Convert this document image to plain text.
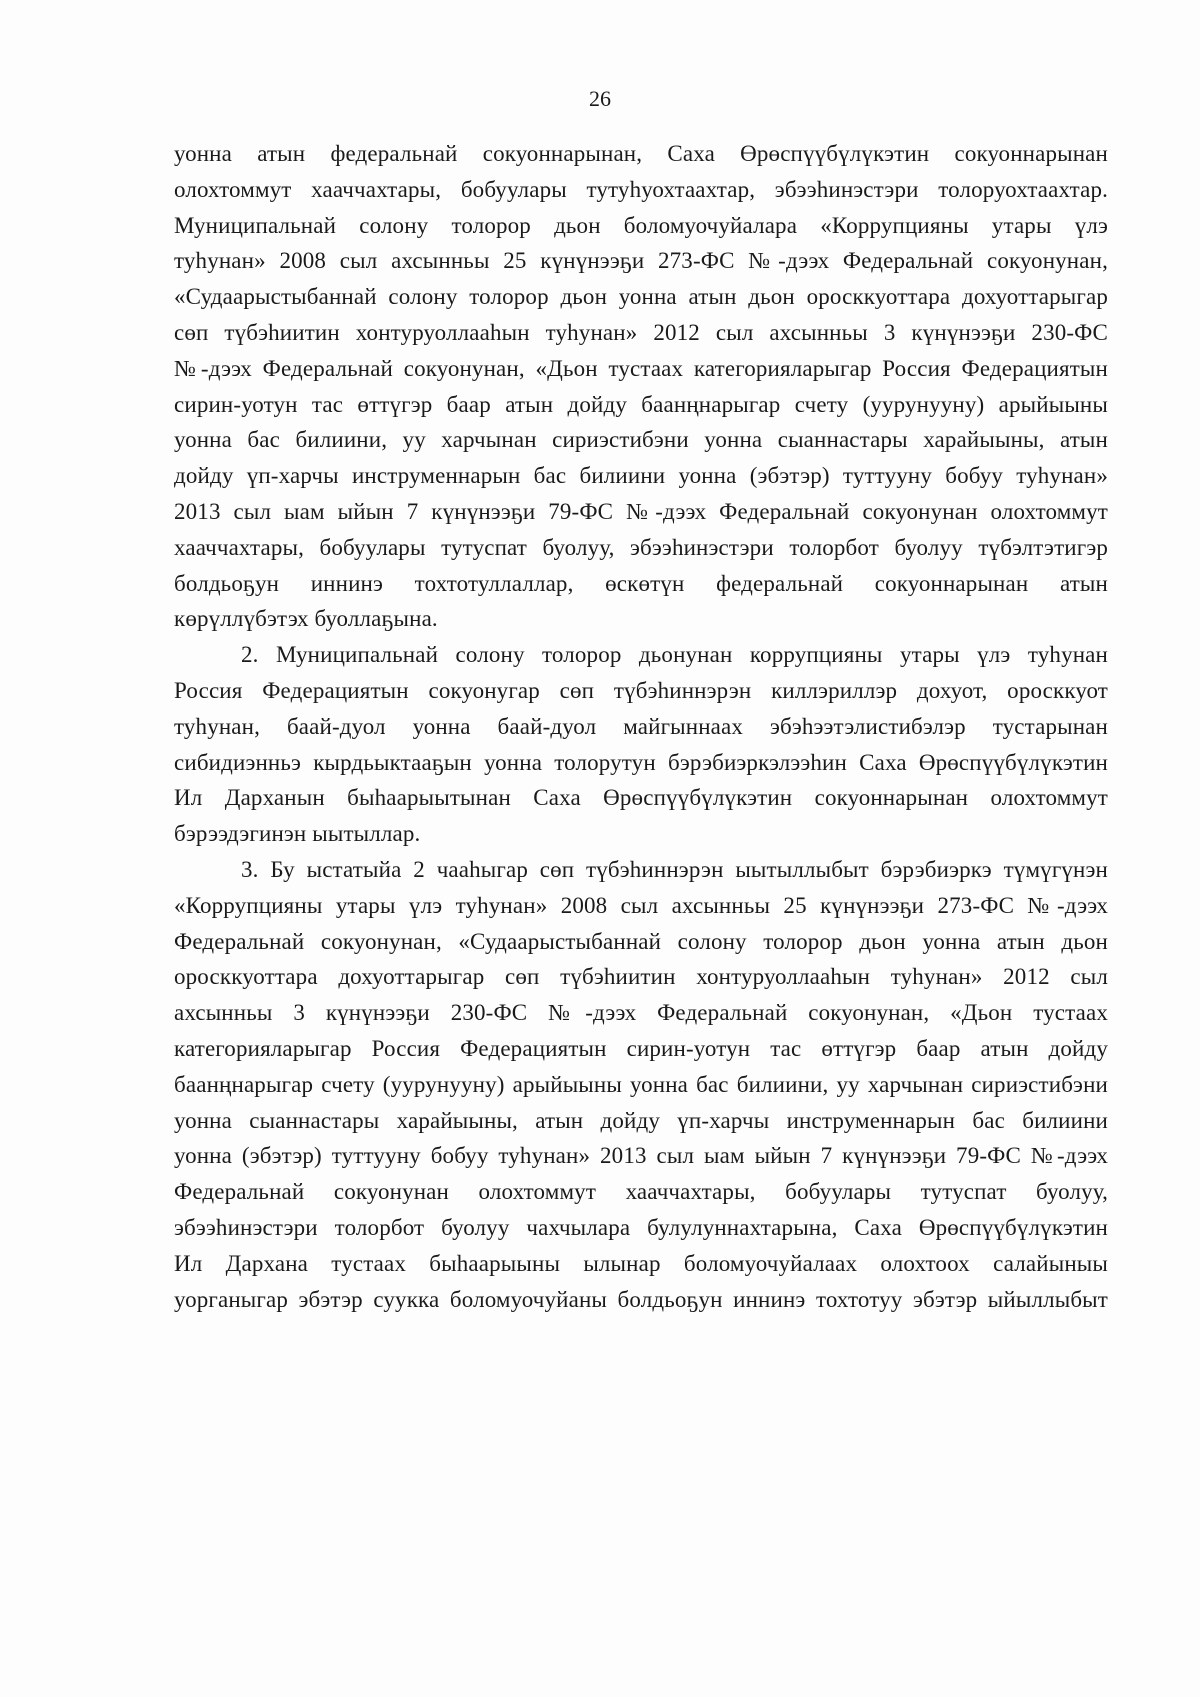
26
уонна атын федеральнай сокуоннарынан, Саха Өрөспүүбүлүкэтин сокуоннарынан
олохтоммут хааччахтары, бобуулары тутуһуохтаахтар, эбээһинэстэри толоруохтаахтар.
Муниципальнай солону толорор дьон боломуочуйалара «Коррупцияны утары үлэ
туһунан» 2008 сыл ахсынньы 25 күнүнээҕи 273-ФС №-дээх Федеральнай сокуонунан,
«Судаарыстыбаннай солону толорор дьон уонна атын дьон оросккуоттара дохуоттарыгар
сөп түбэһиитин хонтуруоллааһын туһунан» 2012 сыл ахсынньы 3 күнүнээҕи 230-ФС
№-дээх Федеральнай сокуонунан, «Дьон тустаах категорияларыгар Россия Федерациятын
сирин-уотун тас өттүгэр баар атын дойду баанңнарыгар счету (уурунууну) арыйыыны
уонна бас билиини, уу харчынан сириэстибэни уонна сыаннастары харайыыны, атын
дойду үп-харчы инструменнарын бас билиини уонна (эбэтэр) туттууну бобуу туһунан»
2013 сыл ыам ыйын 7 күнүнээҕи 79-ФС №-дээх Федеральнай сокуонунан олохтоммут
хааччахтары, бобуулары тутуспат буолуу, эбээһинэстэри толорбот буолуу түбэлтэтигэр
болдьоҕун иннинэ тохтотуллаллар, өскөтүн федеральнай сокуоннарынан атын
көрүллүбэтэх буоллаҕына.
2. Муниципальнай солону толорор дьонунан коррупцияны утары үлэ туһунан
Россия Федерациятын сокуонугар сөп түбэһиннэрэн киллэриллэр дохуот, оросккуот
туһунан, баай-дуол уонна баай-дуол майгыннаах эбэһээтэлистибэлэр тустарынан
сибидиэнньэ кырдьыктааҕын уонна толорутун бэрэбиэркэлээһин Саха Өрөспүүбүлүкэтин
Ил Дарханын быһаарыытынан Саха Өрөспүүбүлүкэтин сокуоннарынан олохтоммут
бэрээдэгинэн ыытыллар.
3. Бу ыстатыйа 2 чааһыгар сөп түбэһиннэрэн ыытыллыбыт бэрэбиэркэ түмүгүнэн
«Коррупцияны утары үлэ туһунан» 2008 сыл ахсынньы 25 күнүнээҕи 273-ФС №-дээх
Федеральнай сокуонунан, «Судаарыстыбаннай солону толорор дьон уонна атын дьон
оросккуоттара дохуоттарыгар сөп түбэһиитин хонтуруоллааһын туһунан» 2012 сыл
ахсынньы 3 күнүнээҕи 230-ФС №-дээх Федеральнай сокуонунан, «Дьон тустаах
категорияларыгар Россия Федерациятын сирин-уотун тас өттүгэр баар атын дойду
баанңнарыгар счету (уурунууну) арыйыыны уонна бас билиини, уу харчынан сириэстибэни
уонна сыаннастары харайыыны, атын дойду үп-харчы инструменнарын бас билиини
уонна (эбэтэр) туттууну бобуу туһунан» 2013 сыл ыам ыйын 7 күнүнээҕи 79-ФС №-дээх
Федеральнай сокуонунан олохтоммут хааччахтары, бобуулары тутуспат буолуу,
эбээһинэстэри толорбот буолуу чахчылара булулуннахтарына, Саха Өрөспүүбүлүкэтин
Ил Дархана тустаах быһаарыыны ылынар боломуочуйалаах олохтоох салайыныы
уорганыгар эбэтэр суукка боломуочуйаны болдьоҕун иннинэ тохтотуу эбэтэр ыйыллыбыт
